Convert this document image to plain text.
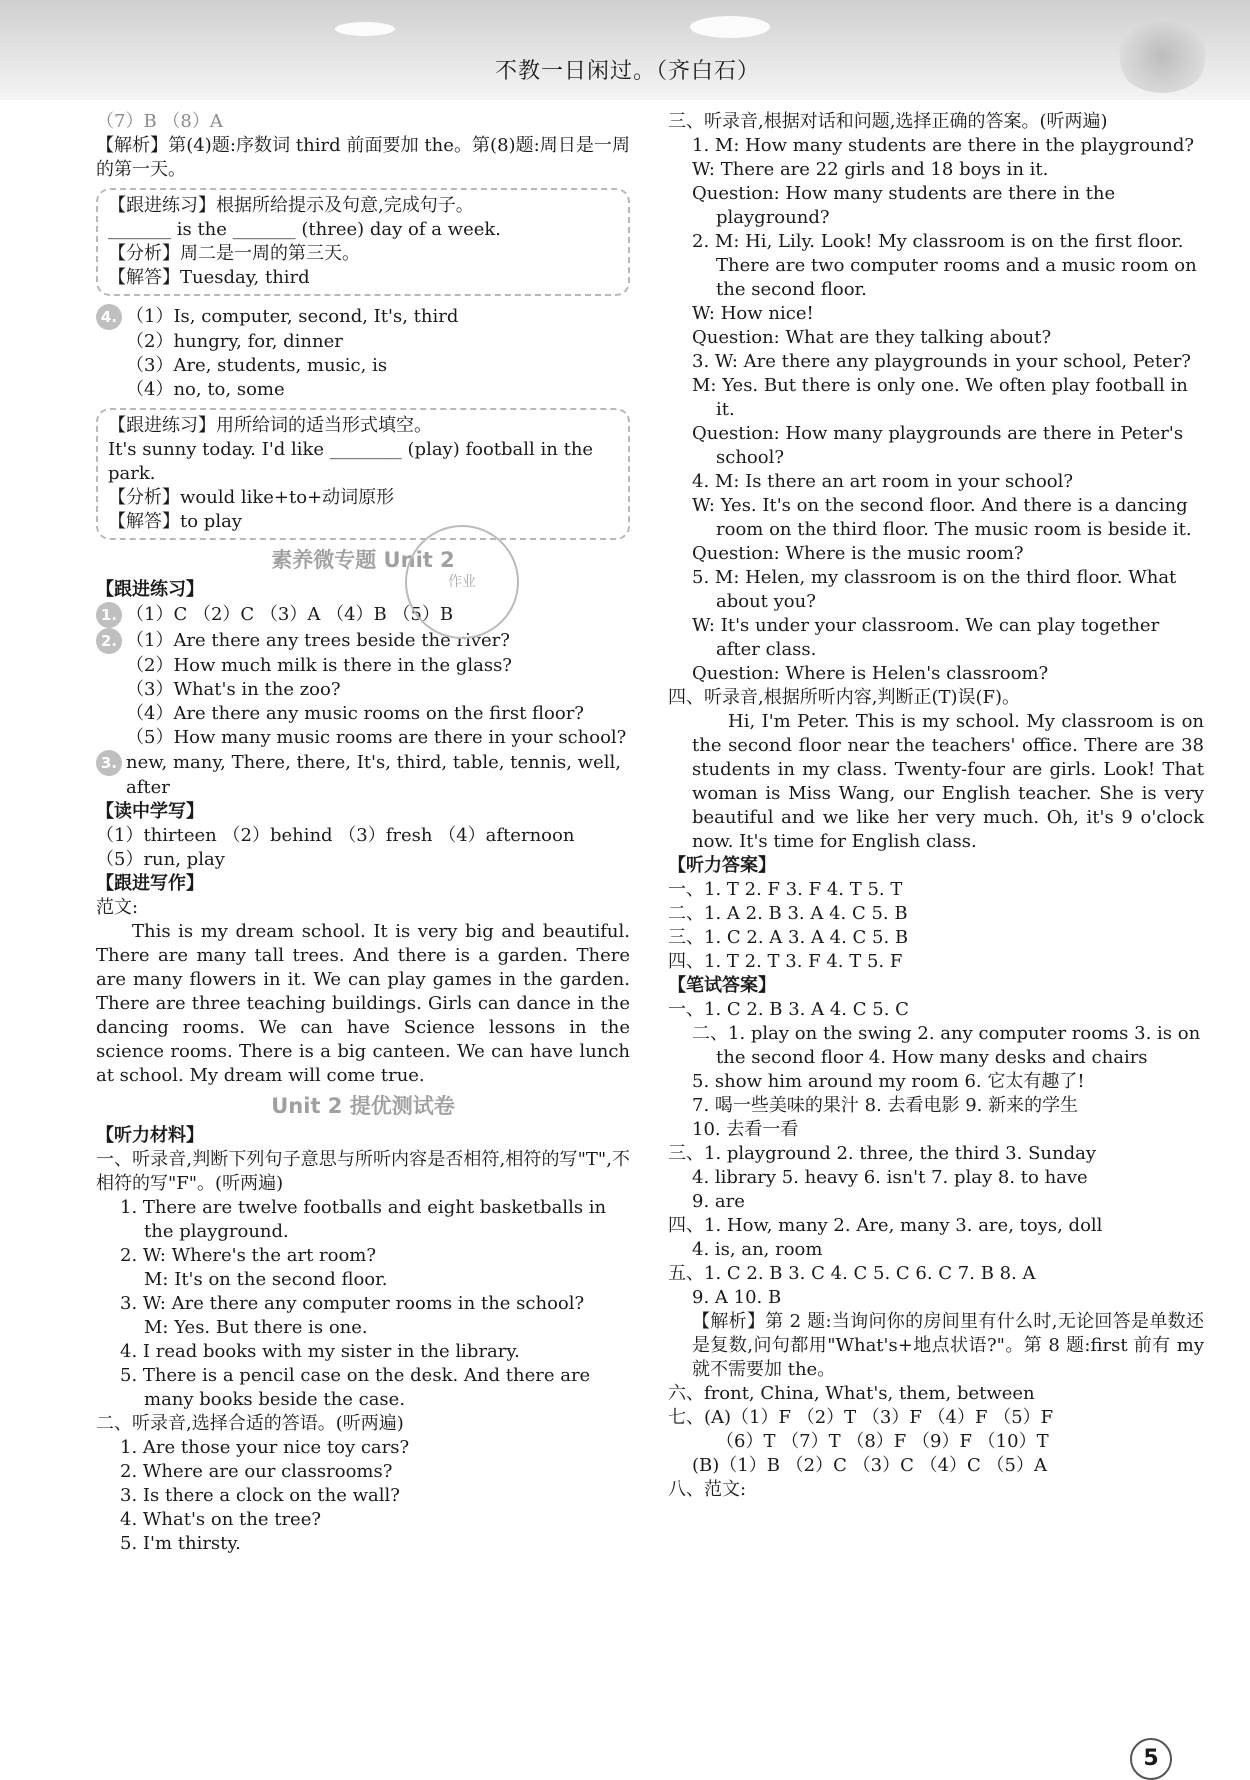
不教一日闲过。（齐白石）

（7）B （8）A

【解析】第(4)题:序数词 third 前面要加 the。第(8)题:周日是一周的第一天。

【跟进练习】根据所给提示及句意,完成句子。

_______ is the _______ (three) day of a week.

【分析】周二是一周的第三天。

【解答】Tuesday, third

4. （1）Is, computer, second, It's, third

（2）hungry, for, dinner

（3）Are, students, music, is

（4）no, to, some

【跟进练习】用所给词的适当形式填空。

It's sunny today. I'd like ________ (play) football in the park.

【分析】would like+to+动词原形

【解答】to play

素养微专题 Unit 2

【跟进练习】

1. （1）C （2）C （3）A （4）B （5）B

2. （1）Are there any trees beside the river?

（2）How much milk is there in the glass?

（3）What's in the zoo?

（4）Are there any music rooms on the first floor?

（5）How many music rooms are there in your school?

3. new, many, There, there, It's, third, table, tennis, well, after

【读中学写】

（1）thirteen （2）behind （3）fresh （4）afternoon

（5）run, play

【跟进写作】

范文:

This is my dream school. It is very big and beautiful. There are many tall trees. And there is a garden. There are many flowers in it. We can play games in the garden. There are three teaching buildings. Girls can dance in the dancing rooms. We can have Science lessons in the science rooms. There is a big canteen. We can have lunch at school. My dream will come true.

Unit 2 提优测试卷

【听力材料】

一、听录音,判断下列句子意思与所听内容是否相符,相符的写"T",不相符的写"F"。(听两遍)

1. There are twelve footballs and eight basketballs in the playground.

2. W: Where's the art room?

M: It's on the second floor.

3. W: Are there any computer rooms in the school?

M: Yes. But there is one.

4. I read books with my sister in the library.

5. There is a pencil case on the desk. And there are many books beside the case.

二、听录音,选择合适的答语。(听两遍)

1. Are those your nice toy cars?

2. Where are our classrooms?

3. Is there a clock on the wall?

4. What's on the tree?

5. I'm thirsty.

三、听录音,根据对话和问题,选择正确的答案。(听两遍)

1. M: How many students are there in the playground?

W: There are 22 girls and 18 boys in it.

Question: How many students are there in the playground?

2. M: Hi, Lily. Look! My classroom is on the first floor. There are two computer rooms and a music room on the second floor.

W: How nice!

Question: What are they talking about?

3. W: Are there any playgrounds in your school, Peter?

M: Yes. But there is only one. We often play football in it.

Question: How many playgrounds are there in Peter's school?

4. M: Is there an art room in your school?

W: Yes. It's on the second floor. And there is a dancing room on the third floor. The music room is beside it.

Question: Where is the music room?

5. M: Helen, my classroom is on the third floor. What about you?

W: It's under your classroom. We can play together after class.

Question: Where is Helen's classroom?

四、听录音,根据所听内容,判断正(T)误(F)。

Hi, I'm Peter. This is my school. My classroom is on the second floor near the teachers' office. There are 38 students in my class. Twenty-four are girls. Look! That woman is Miss Wang, our English teacher. She is very beautiful and we like her very much. Oh, it's 9 o'clock now. It's time for English class.

【听力答案】

一、1. T 2. F 3. F 4. T 5. T

二、1. A 2. B 3. A 4. C 5. B

三、1. C 2. A 3. A 4. C 5. B

四、1. T 2. T 3. F 4. T 5. F

【笔试答案】

一、1. C 2. B 3. A 4. C 5. C

二、1. play on the swing 2. any computer rooms 3. is on the second floor 4. How many desks and chairs

5. show him around my room 6. 它太有趣了!

7. 喝一些美味的果汁 8. 去看电影 9. 新来的学生

10. 去看一看

三、1. playground 2. three, the third 3. Sunday

4. library 5. heavy 6. isn't 7. play 8. to have

9. are

四、1. How, many 2. Are, many 3. are, toys, doll

4. is, an, room

五、1. C 2. B 3. C 4. C 5. C 6. C 7. B 8. A

9. A 10. B

【解析】第 2 题:当询问你的房间里有什么时,无论回答是单数还是复数,问句都用"What's+地点状语?"。第 8 题:first 前有 my 就不需要加 the。

六、front, China, What's, them, between

七、(A)（1）F （2）T （3）F （4）F （5）F

（6）T （7）T （8）F （9）F （10）T

(B)（1）B （2）C （3）C （4）C （5）A

八、范文:

作业
5
